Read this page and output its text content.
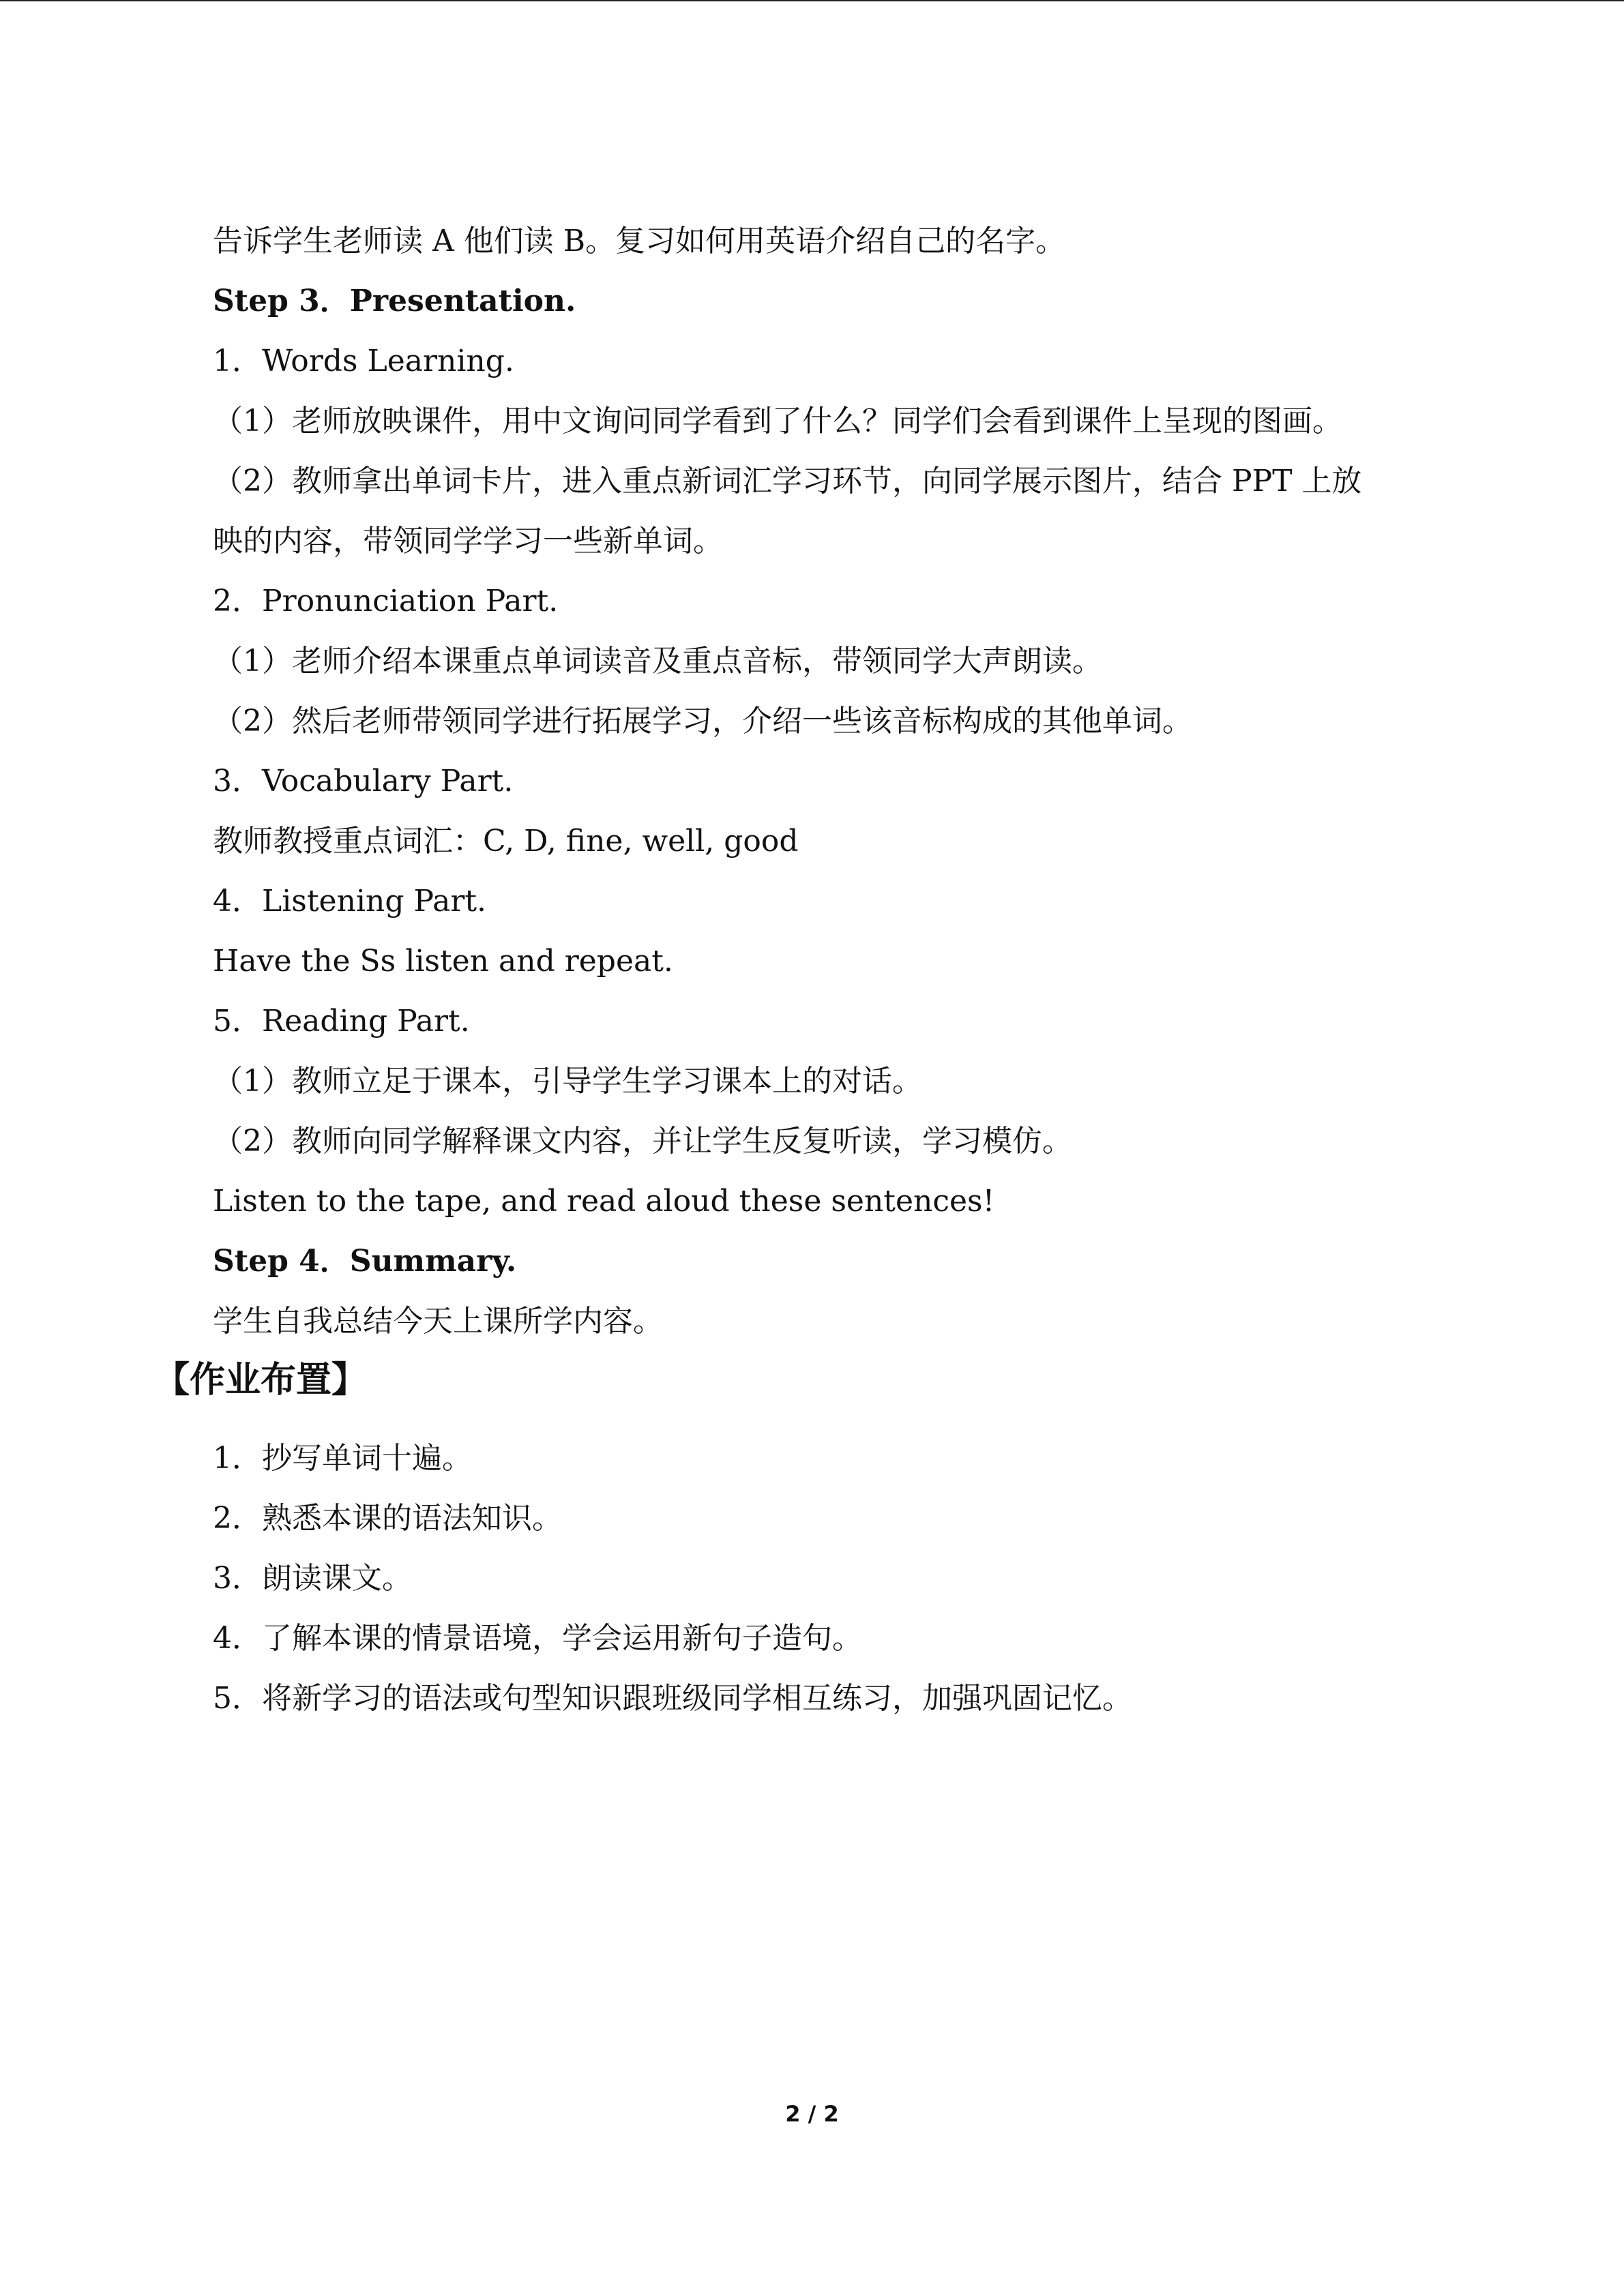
告诉学生老师读 A 他们读 B。复习如何用英语介绍自己的名字。

Step 3．Presentation.

1．Words Learning.

（1）老师放映课件，用中文询问同学看到了什么？同学们会看到课件上呈现的图画。

（2）教师拿出单词卡片，进入重点新词汇学习环节，向同学展示图片，结合 PPT 上放

映的内容，带领同学学习一些新单词。

2．Pronunciation Part.

（1）老师介绍本课重点单词读音及重点音标，带领同学大声朗读。

（2）然后老师带领同学进行拓展学习，介绍一些该音标构成的其他单词。

3．Vocabulary Part.

教师教授重点词汇：C, D, fine, well, good

4．Listening Part.

Have the Ss listen and repeat.

5．Reading Part.

（1）教师立足于课本，引导学生学习课本上的对话。

（2）教师向同学解释课文内容，并让学生反复听读，学习模仿。

Listen to the tape, and read aloud these sentences!

Step 4．Summary.

学生自我总结今天上课所学内容。

【作业布置】

1．抄写单词十遍。

2．熟悉本课的语法知识。

3．朗读课文。

4．了解本课的情景语境，学会运用新句子造句。

5．将新学习的语法或句型知识跟班级同学相互练习，加强巩固记忆。

2 / 2
